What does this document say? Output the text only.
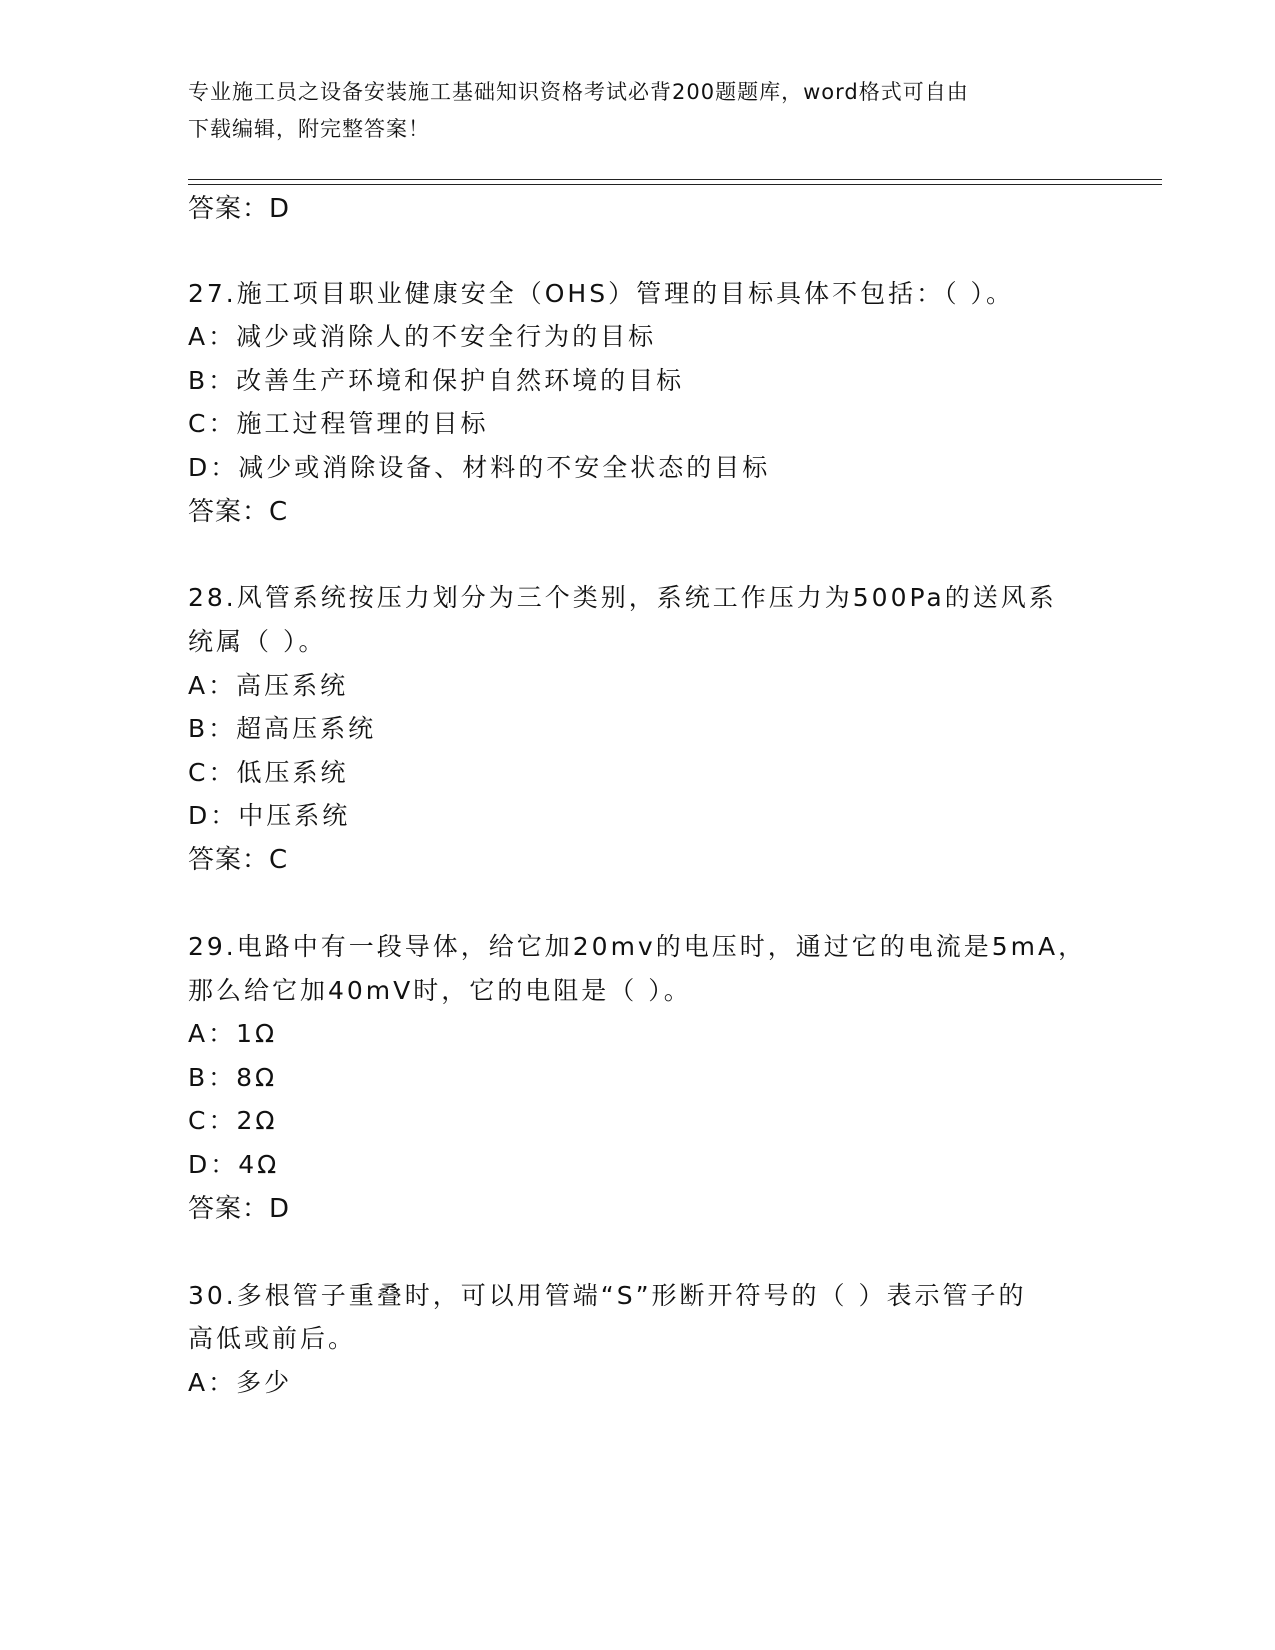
专业施工员之设备安装施工基础知识资格考试必背200题题库，word格式可自由
下载编辑，附完整答案！
答案：D
27.施工项目职业健康安全（OHS）管理的目标具体不包括：（ ）。
A：减少或消除人的不安全行为的目标
B：改善生产环境和保护自然环境的目标
C：施工过程管理的目标
D：减少或消除设备、材料的不安全状态的目标
答案：C
28.风管系统按压力划分为三个类别，系统工作压力为500Pa的送风系
统属（ ）。
A：高压系统
B：超高压系统
C：低压系统
D：中压系统
答案：C
29.电路中有一段导体，给它加20mv的电压时，通过它的电流是5mA，
那么给它加40mV时，它的电阻是（ ）。
A：1Ω
B：8Ω
C：2Ω
D：4Ω
答案：D
30.多根管子重叠时，可以用管端“S”形断开符号的（ ）表示管子的
高低或前后。
A：多少
